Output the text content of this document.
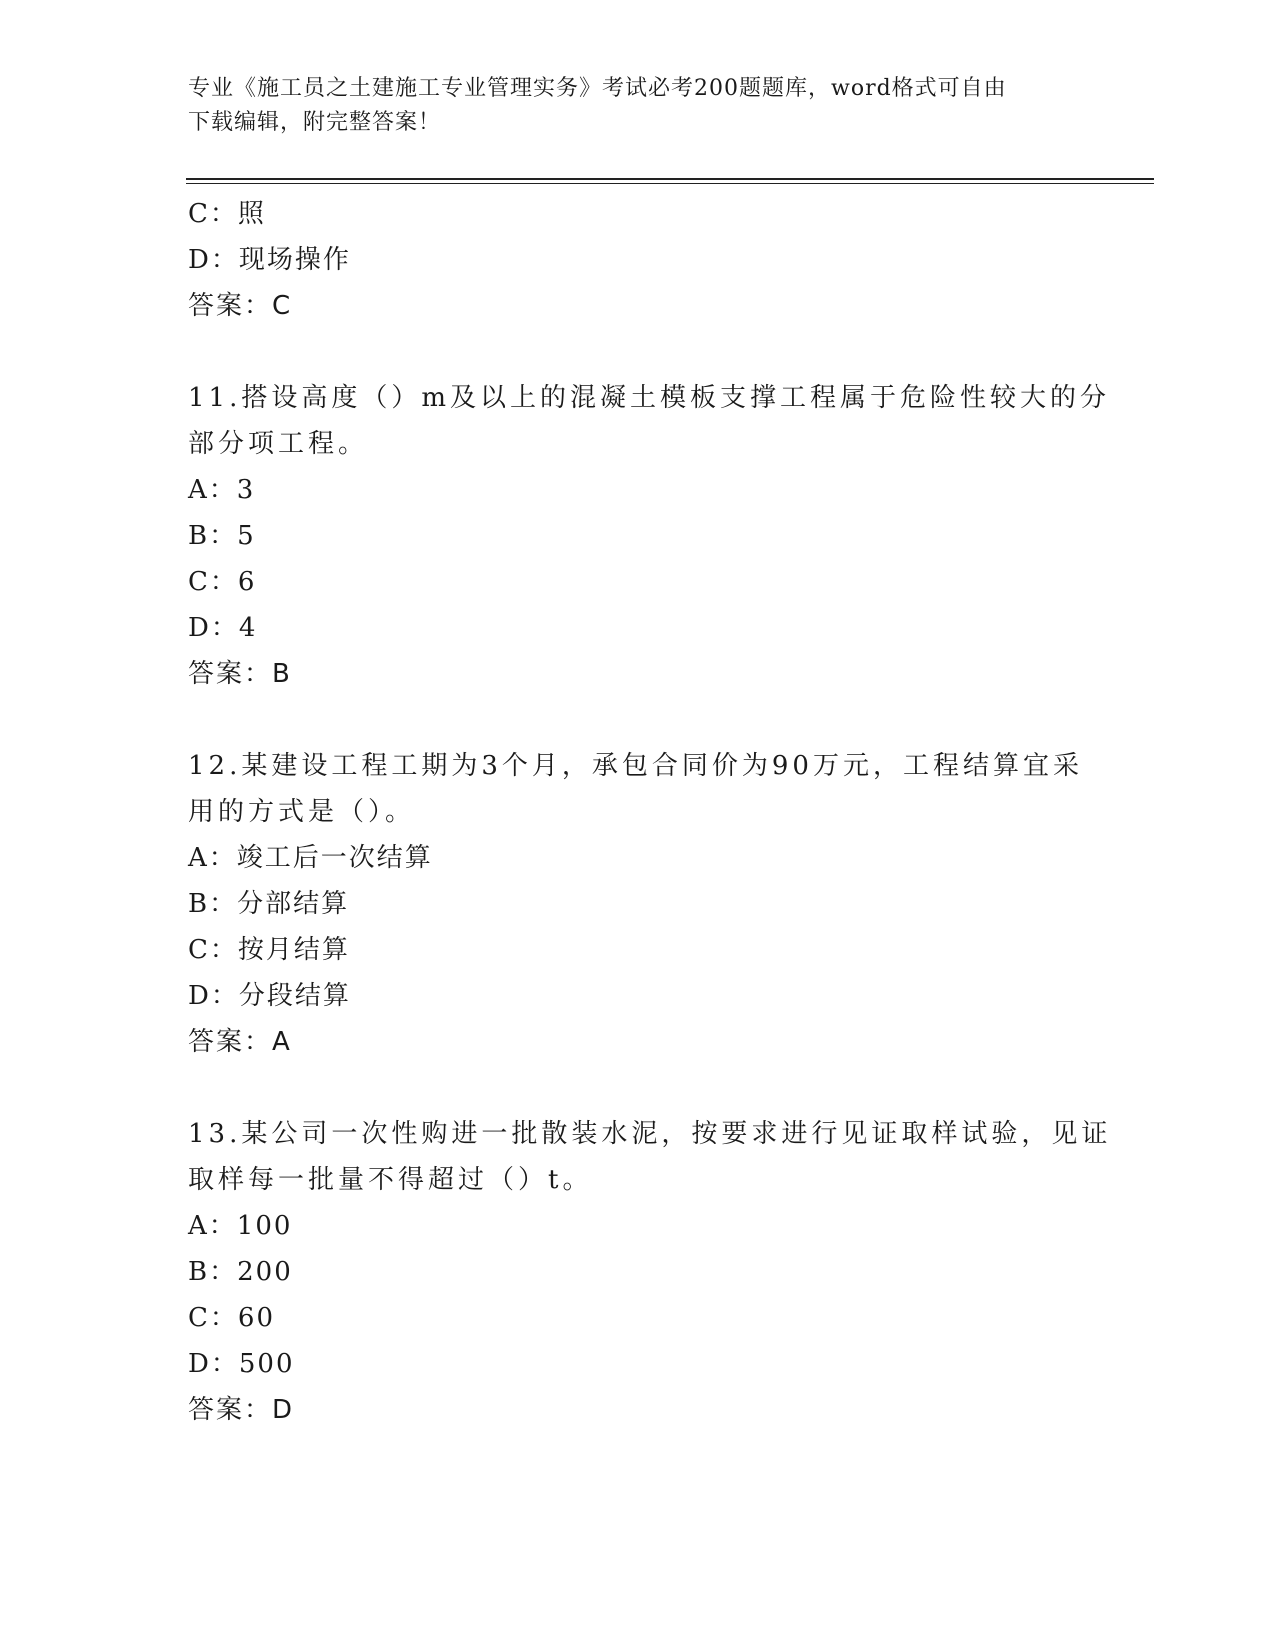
专业《施工员之土建施工专业管理实务》考试必考200题题库，word格式可自由
下载编辑，附完整答案！
C：照
D：现场操作
答案：C
11.搭设高度（）m及以上的混凝土模板支撑工程属于危险性较大的分
部分项工程。
A：3
B：5
C：6
D：4
答案：B
12.某建设工程工期为3个月，承包合同价为90万元，工程结算宜采
用的方式是（）。
A：竣工后一次结算
B：分部结算
C：按月结算
D：分段结算
答案：A
13.某公司一次性购进一批散装水泥，按要求进行见证取样试验，见证
取样每一批量不得超过（）t。
A：100
B：200
C：60
D：500
答案：D
